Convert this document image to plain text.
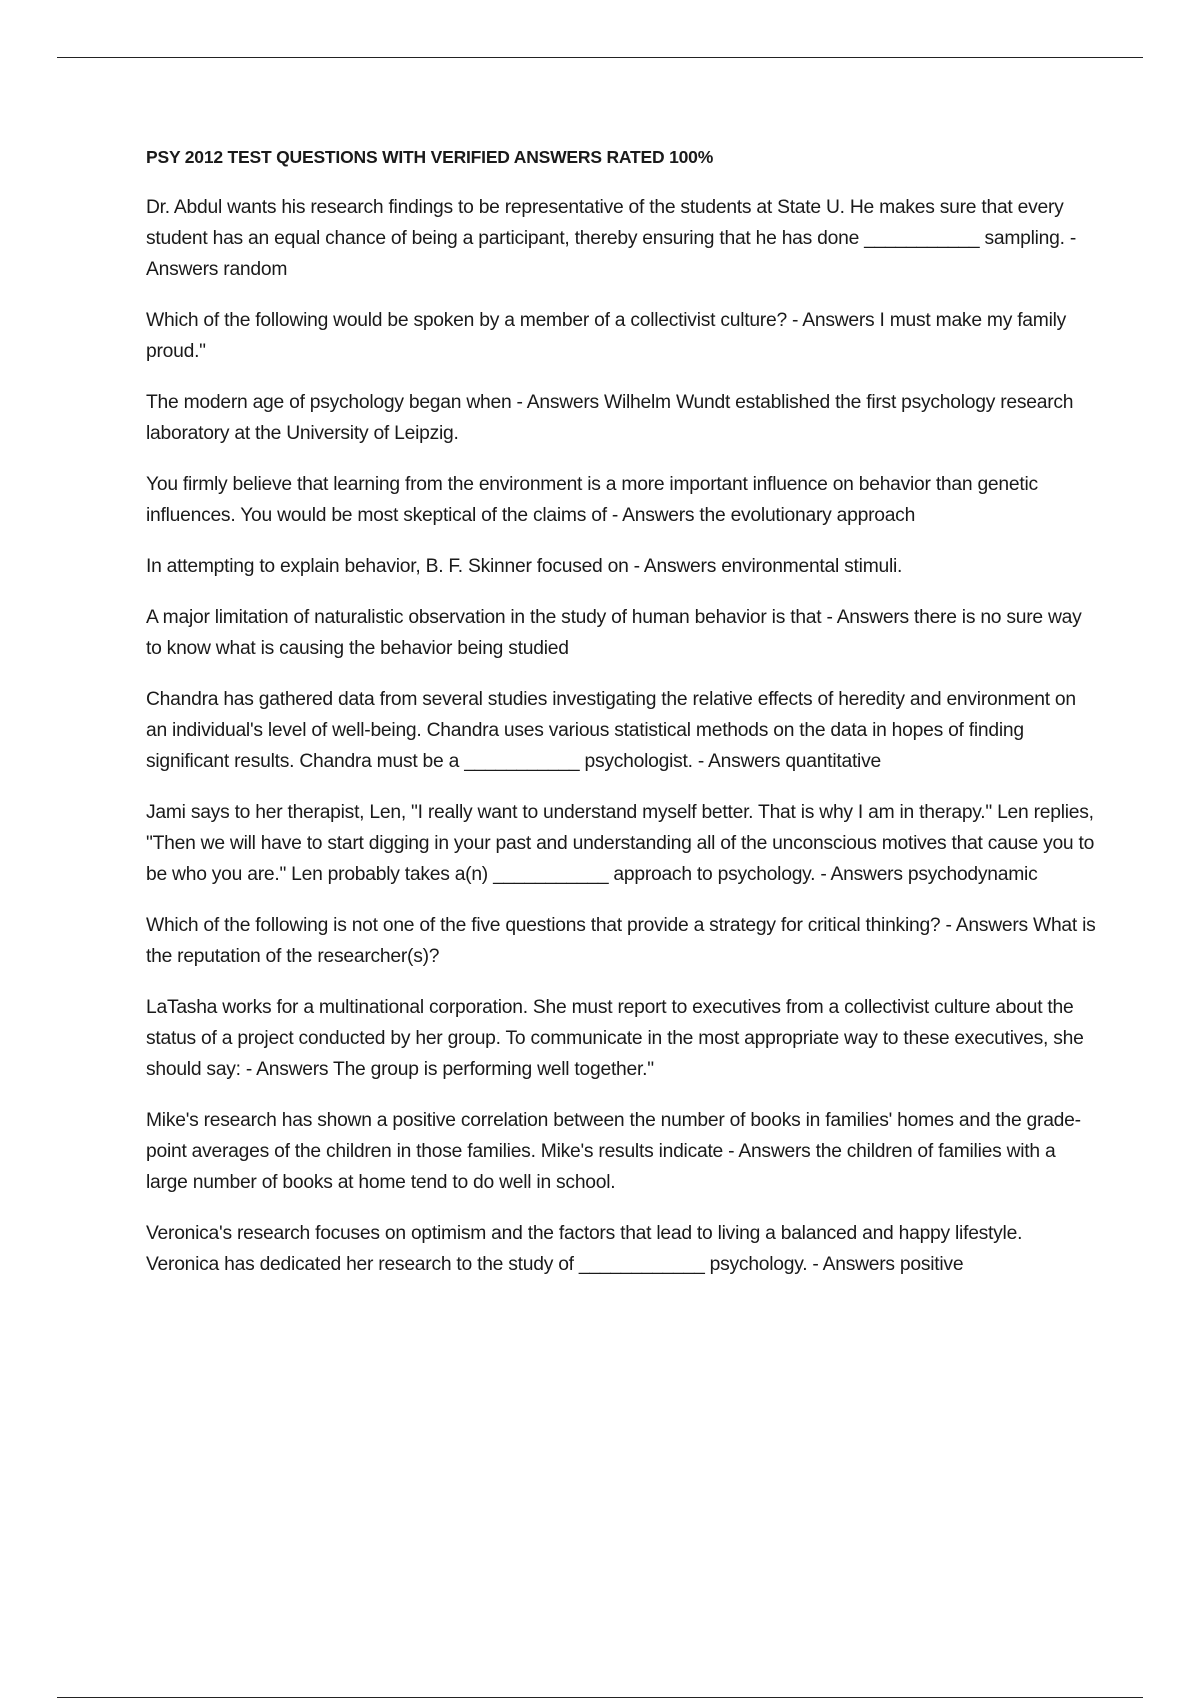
PSY 2012 TEST QUESTIONS WITH VERIFIED ANSWERS RATED 100%

Dr. Abdul wants his research findings to be representative of the students at State U. He makes sure that every student has an equal chance of being a participant, thereby ensuring that he has done ___________ sampling. - Answers random

Which of the following would be spoken by a member of a collectivist culture? - Answers I must make my family proud."

The modern age of psychology began when - Answers Wilhelm Wundt established the first psychology research laboratory at the University of Leipzig.

You firmly believe that learning from the environment is a more important influence on behavior than genetic influences. You would be most skeptical of the claims of - Answers the evolutionary approach

In attempting to explain behavior, B. F. Skinner focused on - Answers environmental stimuli.

A major limitation of naturalistic observation in the study of human behavior is that - Answers there is no sure way to know what is causing the behavior being studied

Chandra has gathered data from several studies investigating the relative effects of heredity and environment on an individual's level of well-being. Chandra uses various statistical methods on the data in hopes of finding significant results. Chandra must be a ___________ psychologist. - Answers quantitative

Jami says to her therapist, Len, "I really want to understand myself better. That is why I am in therapy." Len replies, "Then we will have to start digging in your past and understanding all of the unconscious motives that cause you to be who you are." Len probably takes a(n) ___________ approach to psychology. - Answers psychodynamic

Which of the following is not one of the five questions that provide a strategy for critical thinking? - Answers What is the reputation of the researcher(s)?

LaTasha works for a multinational corporation. She must report to executives from a collectivist culture about the status of a project conducted by her group. To communicate in the most appropriate way to these executives, she should say: - Answers The group is performing well together."

Mike's research has shown a positive correlation between the number of books in families' homes and the grade-point averages of the children in those families. Mike's results indicate - Answers the children of families with a large number of books at home tend to do well in school.

Veronica's research focuses on optimism and the factors that lead to living a balanced and happy lifestyle. Veronica has dedicated her research to the study of ____________ psychology. - Answers positive
